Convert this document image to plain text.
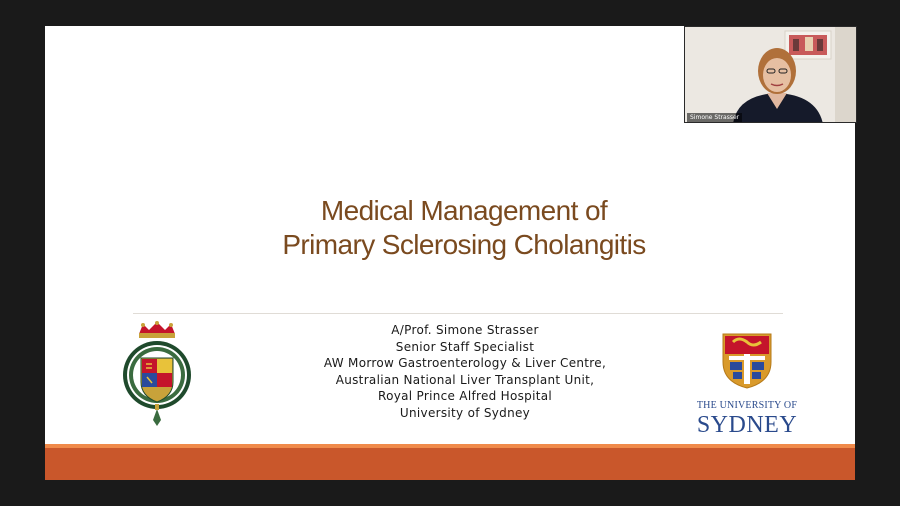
Medical Management of
Primary Sclerosing Cholangitis
A/Prof. Simone Strasser
Senior Staff Specialist
AW Morrow Gastroenterology & Liver Centre,
Australian National Liver Transplant Unit,
Royal Prince Alfred Hospital
University of Sydney	THE UNIVERSITY OF
SYDNEY
Simone Strasser
